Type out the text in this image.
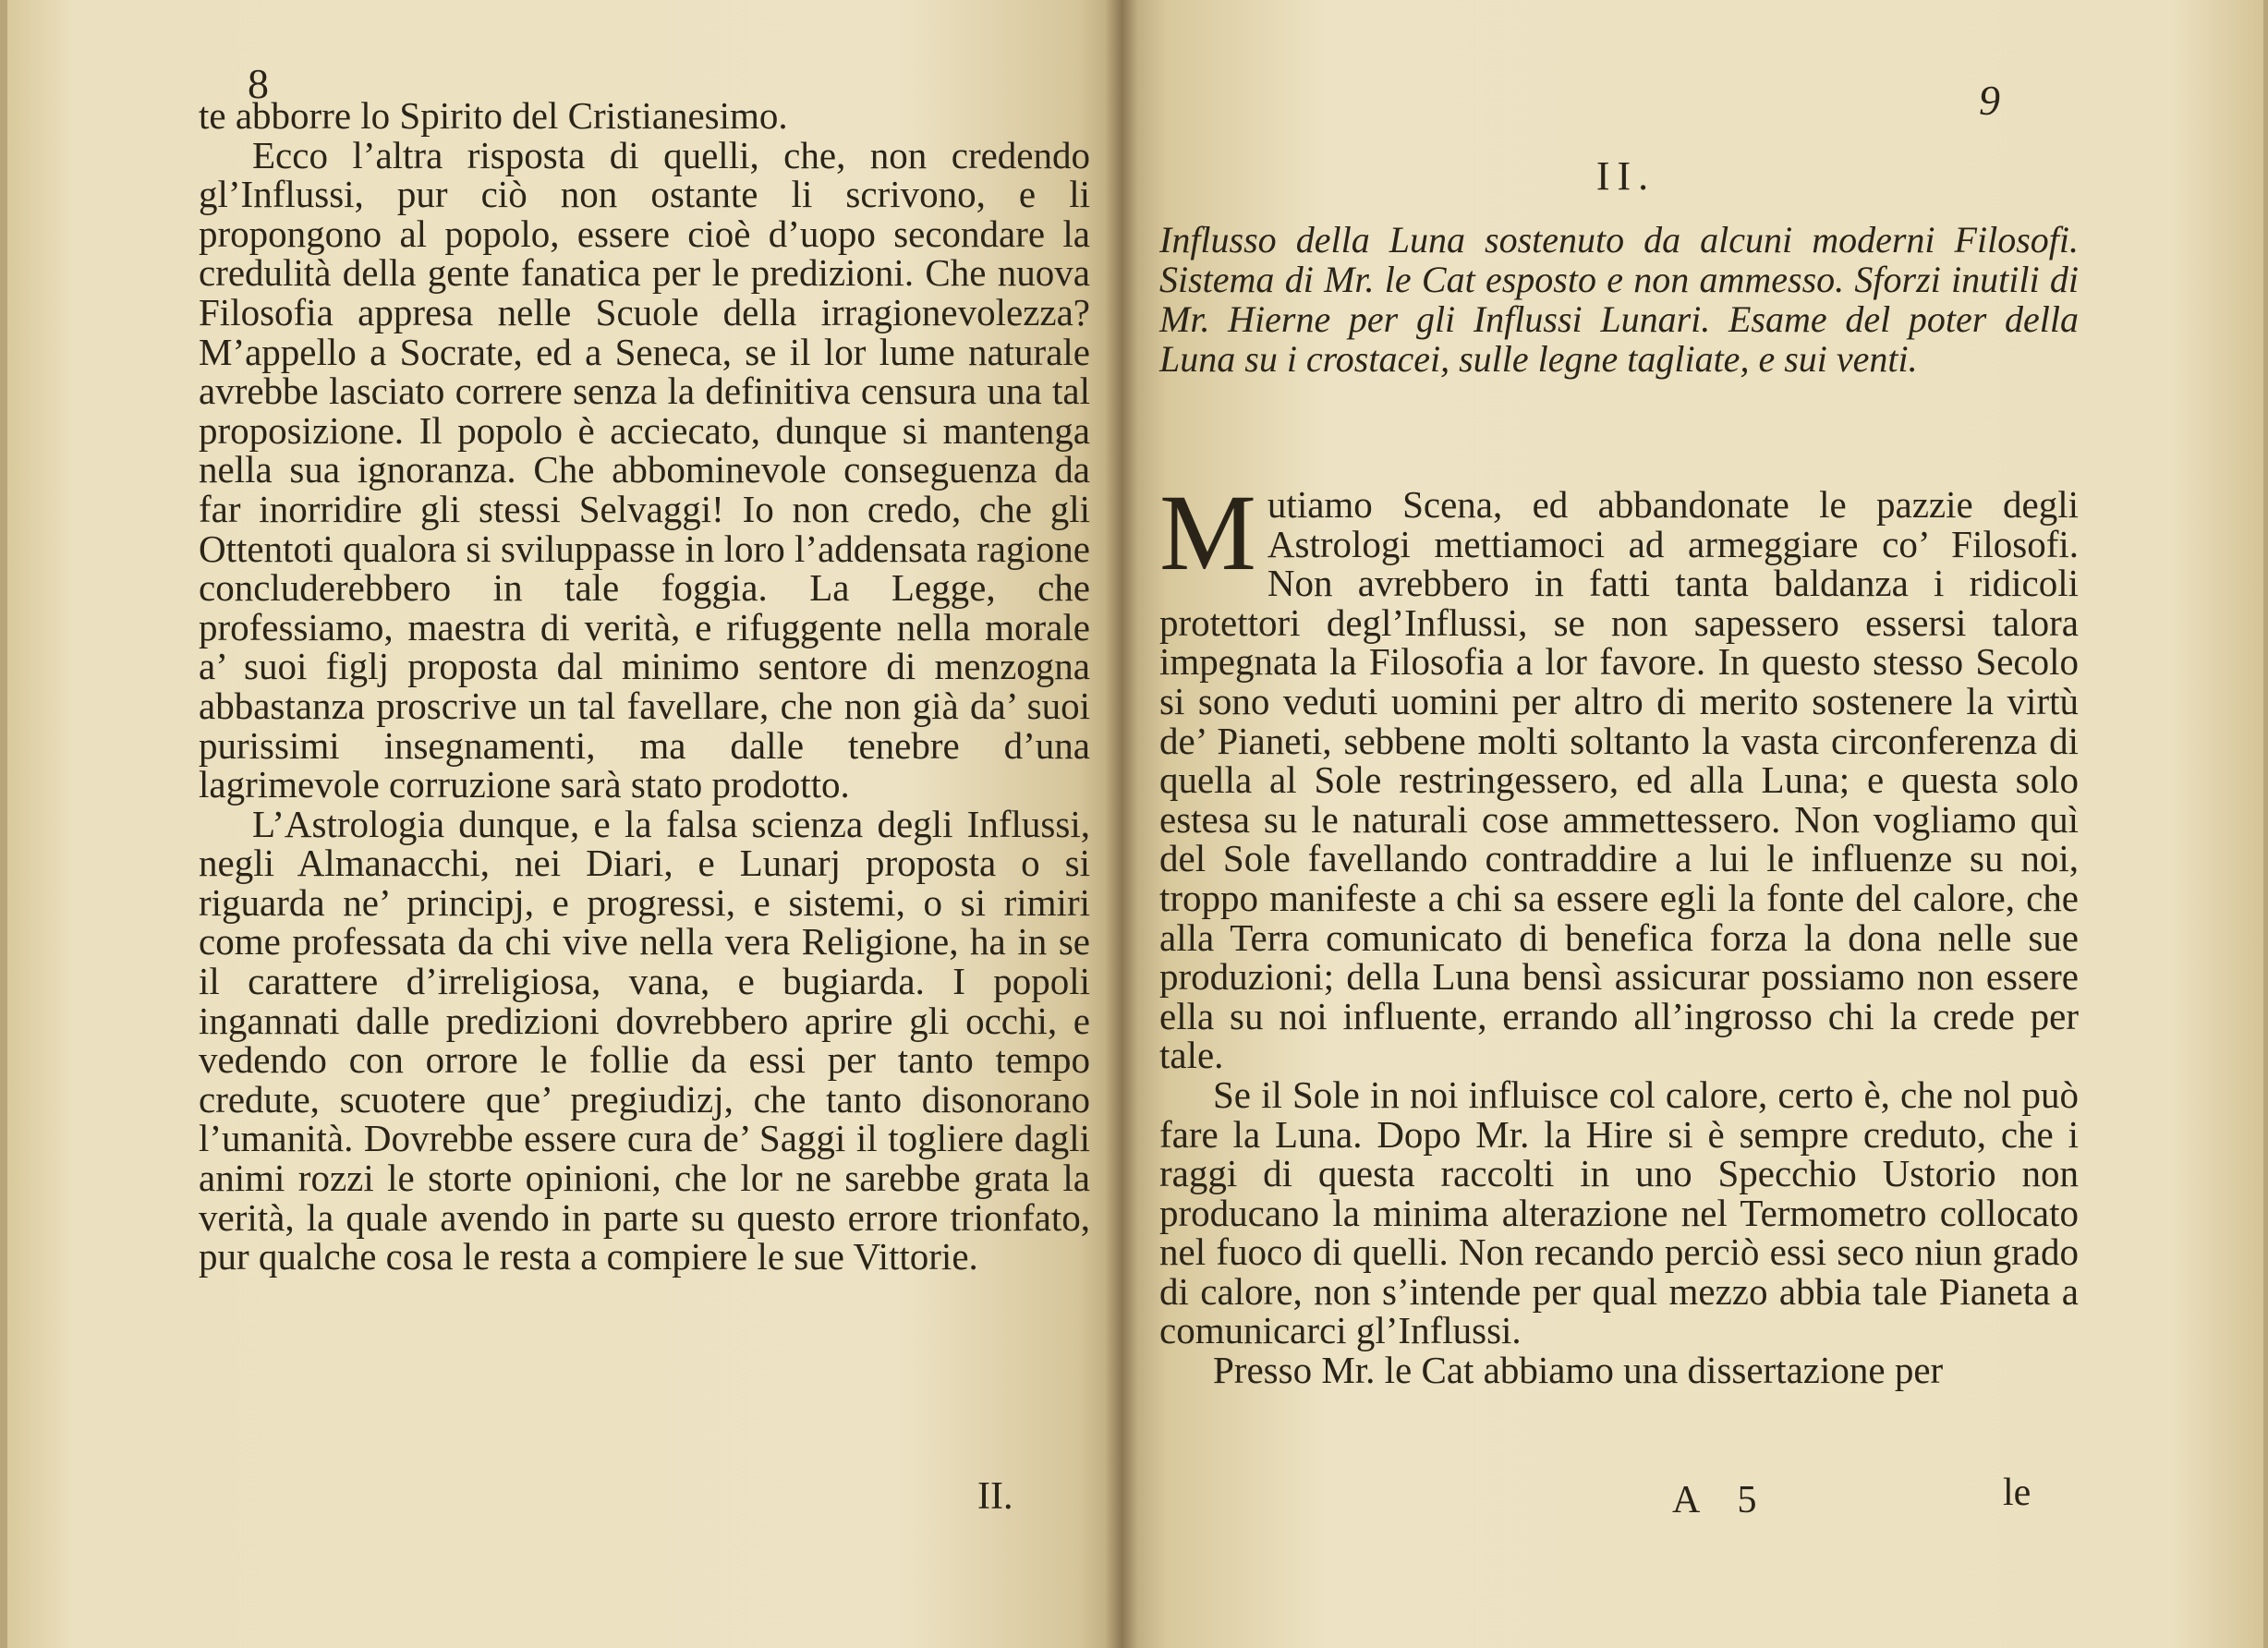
8

te abborre lo Spirito del Cristianesimo.

Ecco l’altra risposta di quelli, che, non credendo gl’Influssi, pur ciò non ostante li scrivono, e li propongono al popolo, essere cioè d’uopo secondare la credulità della gente fanatica per le predizioni. Che nuova Filosofia appresa nelle Scuole della irragionevolezza? M’appello a Socrate, ed a Seneca, se il lor lume naturale avrebbe lasciato correre senza la definitiva censura una tal proposizione. Il popolo è acciecato, dunque si mantenga nella sua ignoranza. Che abbominevole conseguenza da far inorridire gli stessi Selvaggi! Io non credo, che gli Ottentoti qualora si sviluppasse in loro l’addensata ragione concluderebbero in tale foggia. La Legge, che professiamo, maestra di verità, e rifuggente nella morale a’ suoi figlj proposta dal minimo sentore di menzogna abbastanza proscrive un tal favellare, che non già da’ suoi purissimi insegnamenti, ma dalle tenebre d’una lagrimevole corruzione sarà stato prodotto.

L’Astrologia dunque, e la falsa scienza degli Influssi, negli Almanacchi, nei Diari, e Lunarj proposta o si riguarda ne’ principj, e progressi, e sistemi, o si rimiri come professata da chi vive nella vera Religione, ha in se il carattere d’irreligiosa, vana, e bugiarda. I popoli ingannati dalle predizioni dovrebbero aprire gli occhi, e vedendo con orrore le follie da essi per tanto tempo credute, scuotere que’ pregiudizj, che tanto disonorano l’umanità. Dovrebbe essere cura de’ Saggi il togliere dagli animi rozzi le storte opinioni, che lor ne sarebbe grata la verità, la quale avendo in parte su questo errore trionfato, pur qualche cosa le resta a compiere le sue Vittorie.

II.
9
II.
Influsso della Luna sostenuto da alcuni moderni Filosofi. Sistema di Mr. le Cat esposto e non ammesso. Sforzi inutili di Mr. Hierne per gli Influssi Lunari. Esame del poter della Luna su i crostacei, sulle legne tagliate, e sui venti.

Mutiamo Scena, ed abbandonate le pazzie degli Astrologi mettiamoci ad armeggiare co’ Filosofi. Non avrebbero in fatti tanta baldanza i ridicoli protettori degl’Influssi, se non sapessero essersi talora impegnata la Filosofia a lor favore. In questo stesso Secolo si sono veduti uomini per altro di merito sostenere la virtù de’ Pianeti, sebbene molti soltanto la vasta circonferenza di quella al Sole restringessero, ed alla Luna; e questa solo estesa su le naturali cose ammettessero. Non vogliamo quì del Sole favellando contraddire a lui le influenze su noi, troppo manifeste a chi sa essere egli la fonte del calore, che alla Terra comunicato di benefica forza la dona nelle sue produzioni; della Luna bensì assicurar possiamo non essere ella su noi influente, errando all’ingrosso chi la crede per tale.

Se il Sole in noi influisce col calore, certo è, che nol può fare la Luna. Dopo Mr. la Hire si è sempre creduto, che i raggi di questa raccolti in uno Specchio Ustorio non producano la minima alterazione nel Termometro collocato nel fuoco di quelli. Non recando perciò essi seco niun grado di calore, non s’intende per qual mezzo abbia tale Pianeta a comunicarci gl’Influssi.

Presso Mr. le Cat abbiamo una dissertazione per

A 5	le
